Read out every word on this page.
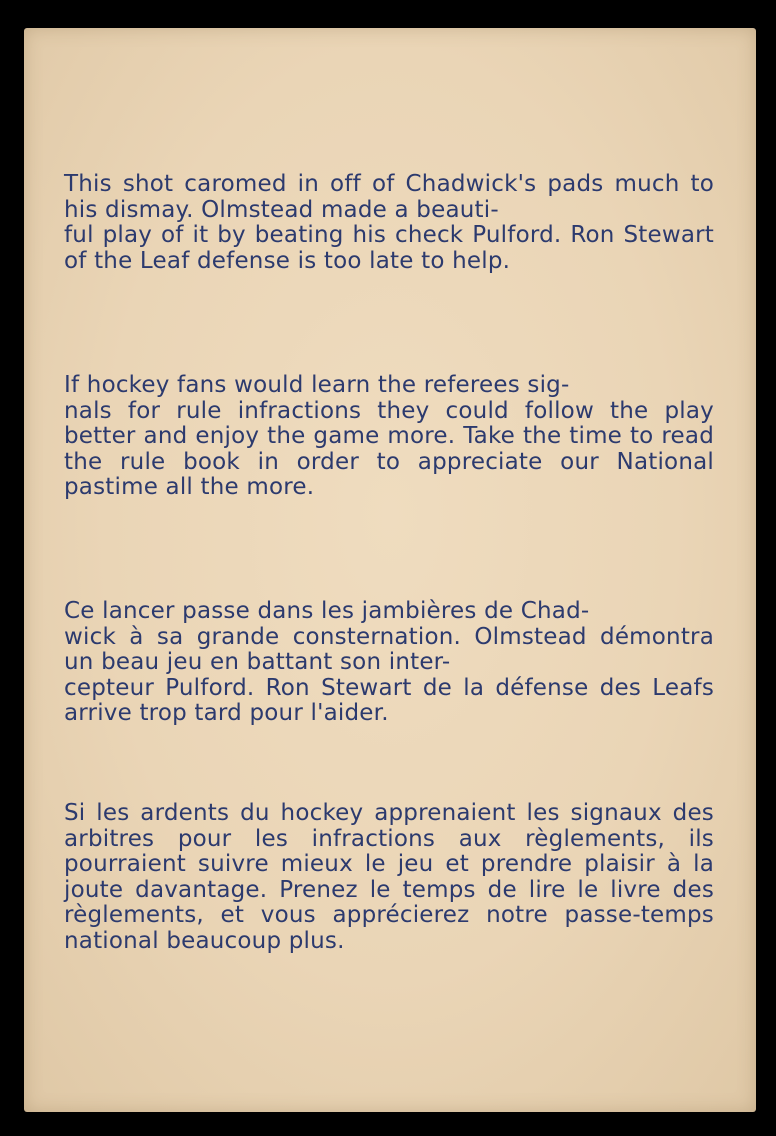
This shot caromed in off of Chadwick's pads much to his dismay. Olmstead made a beauti-
ful play of it by beating his check Pulford. Ron Stewart of the Leaf defense is too late to help.

If hockey fans would learn the referees sig-
nals for rule infractions they could follow the play better and enjoy the game more. Take the time to read the rule book in order to appreciate our National pastime all the more.

Ce lancer passe dans les jambières de Chad-
wick à sa grande consternation. Olmstead démontra un beau jeu en battant son inter-
cepteur Pulford. Ron Stewart de la défense des Leafs arrive trop tard pour l'aider.

Si les ardents du hockey apprenaient les signaux des arbitres pour les infractions aux règlements, ils pourraient suivre mieux le jeu et prendre plaisir à la joute davantage. Prenez le temps de lire le livre des règlements, et vous apprécierez notre passe-temps national beaucoup plus.
